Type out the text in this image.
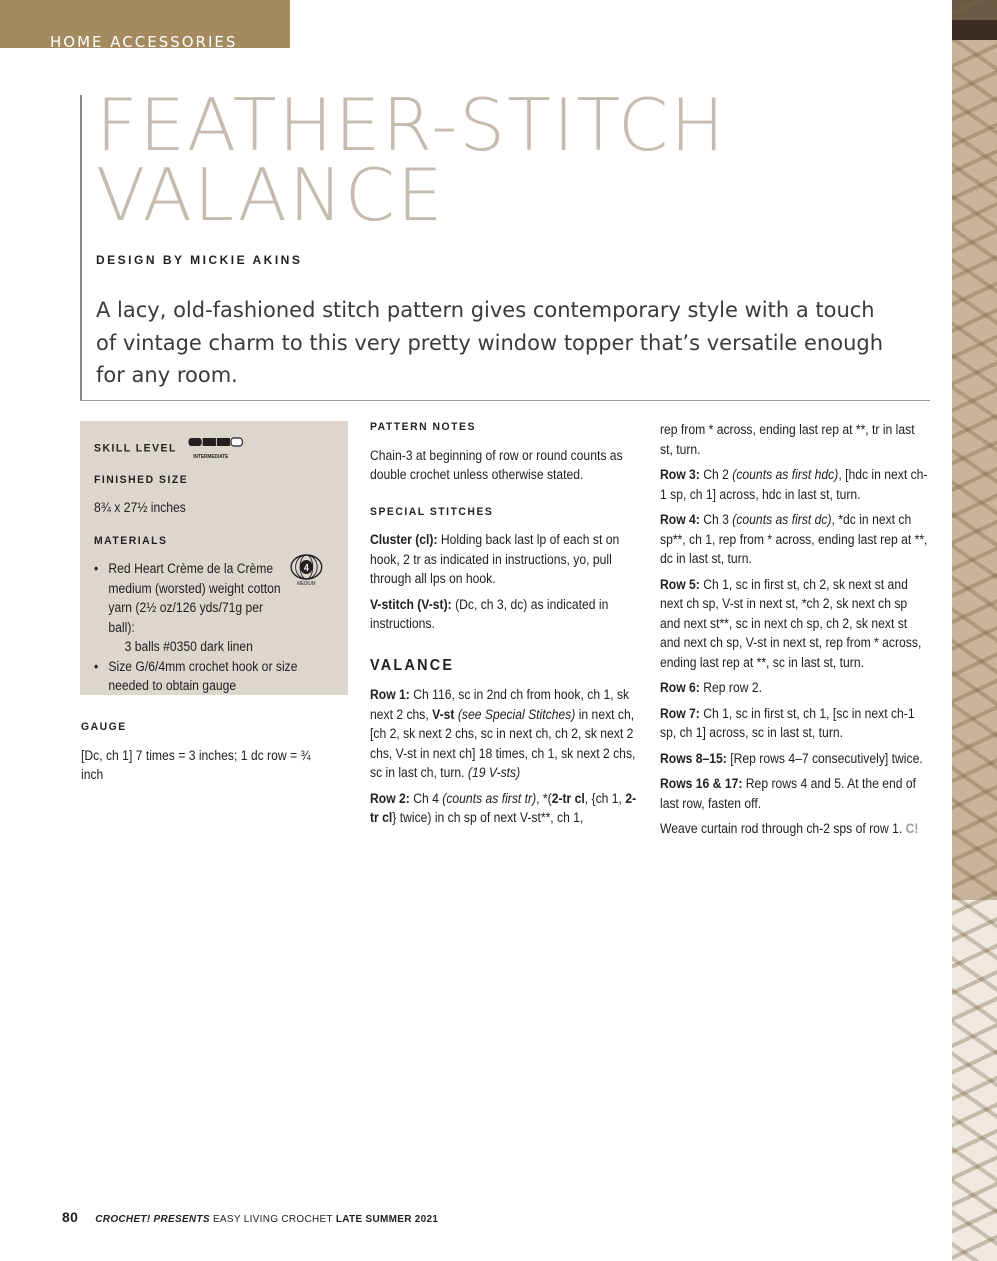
HOME ACCESSORIES
FEATHER-STITCH
VALANCE
DESIGN BY MICKIE AKINS

A lacy, old-fashioned stitch pattern gives contemporary style with a touch of vintage charm to this very pretty window topper that’s versatile enough for any room.

SKILL LEVEL
INTERMEDIATE
FINISHED SIZE

8¾ x 27½ inches

MATERIALS
• Red Heart Crème de la Crème medium (worsted) weight cotton yarn (2½ oz/126 yds/71g per ball):
3 balls #0350 dark linen
• Size G/6/4mm crochet hook or size needed to obtain gauge
4
MEDIUM
GAUGE

[Dc, ch 1] 7 times = 3 inches; 1 dc row = ¾ inch

PATTERN NOTES

Chain-3 at beginning of row or round counts as double crochet unless otherwise stated.

SPECIAL STITCHES

Cluster (cl): Holding back last lp of each st on hook, 2 tr as indicated in instructions, yo, pull through all lps on hook.

V-stitch (V-st): (Dc, ch 3, dc) as indicated in instructions.

VALANCE

Row 1: Ch 116, sc in 2nd ch from hook, ch 1, sk next 2 chs, V-st (see Special Stitches) in next ch, [ch 2, sk next 2 chs, sc in next ch, ch 2, sk next 2 chs, V-st in next ch] 18 times, ch 1, sk next 2 chs, sc in last ch, turn. (19 V-sts)

Row 2: Ch 4 (counts as first tr), *(2-tr cl, {ch 1, 2-tr cl} twice) in ch sp of next V-st**, ch 1,

rep from * across, ending last rep at **, tr in last st, turn.

Row 3: Ch 2 (counts as first hdc), [hdc in next ch-1 sp, ch 1] across, hdc in last st, turn.

Row 4: Ch 3 (counts as first dc), *dc in next ch sp**, ch 1, rep from * across, ending last rep at **, dc in last st, turn.

Row 5: Ch 1, sc in first st, ch 2, sk next st and next ch sp, V-st in next st, *ch 2, sk next ch sp and next st**, sc in next ch sp, ch 2, sk next st and next ch sp, V-st in next st, rep from * across, ending last rep at **, sc in last st, turn.

Row 6: Rep row 2.

Row 7: Ch 1, sc in first st, ch 1, [sc in next ch-1 sp, ch 1] across, sc in last st, turn.

Rows 8–15: [Rep rows 4–7 consecutively] twice.

Rows 16 & 17: Rep rows 4 and 5. At the end of last row, fasten off.

Weave curtain rod through ch-2 sps of row 1. C!

80 CROCHET! PRESENTS EASY LIVING CROCHET LATE SUMMER 2021
